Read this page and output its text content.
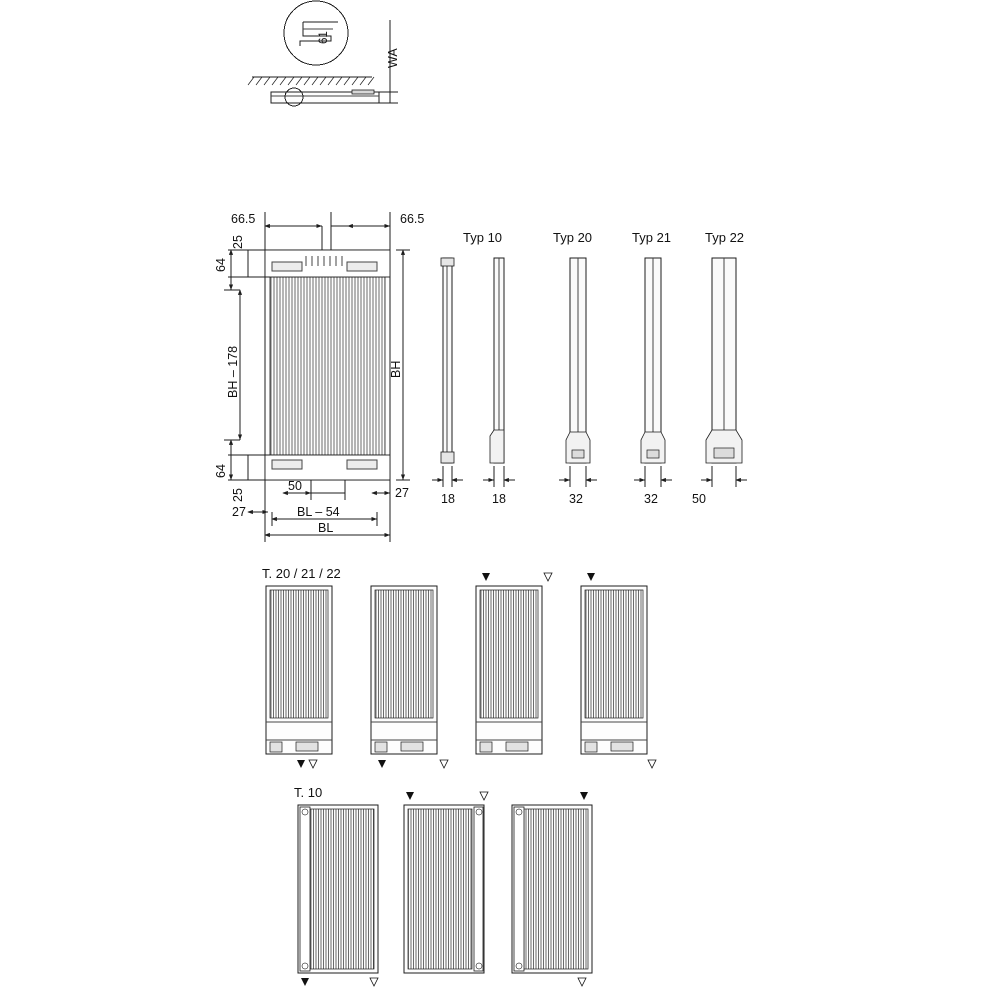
61
WA
66.5	66.5
25
64
BH – 178
64
25
BH
50	27
27	BL – 54
BL
Typ 10	Typ 20	Typ 21	Typ 22
18	18	32	32	50
T. 20 / 21 / 22
T. 10
